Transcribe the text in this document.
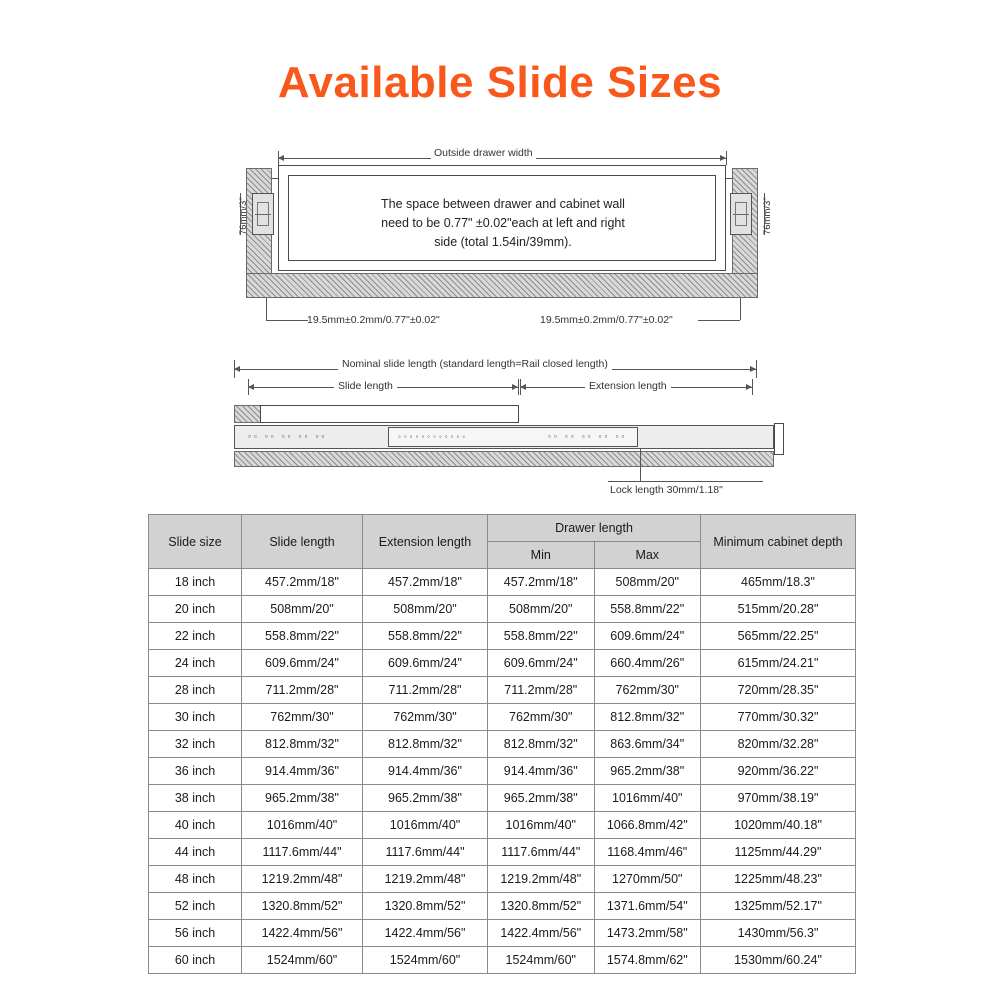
Available Slide Sizes
Outside drawer width
76mm/3"	76mm/3"
The space between drawer and cabinet wall
need to be 0.77" ±0.02"each at left and right
side (total 1.54in/39mm).
19.5mm±0.2mm/0.77"±0.02"	19.5mm±0.2mm/0.77"±0.02"
Nominal slide length (standard length=Rail closed length)
Slide length	Extension length
▫▫ ▫▫ ▫▫ ▫▫ ▫▫	◦◦◦◦◦◦◦◦◦◦◦◦	▫▫ ▫▫ ▫▫ ▫▫ ▫▫
Lock length 30mm/1.18"
Slide size	Slide length	Extension length	Drawer length		Minimum cabinet depth
			Min	Max	
18 inch	457.2mm/18"	457.2mm/18"	457.2mm/18"	508mm/20"	465mm/18.3"
20 inch	508mm/20"	508mm/20"	508mm/20"	558.8mm/22"	515mm/20.28"
22 inch	558.8mm/22"	558.8mm/22"	558.8mm/22"	609.6mm/24"	565mm/22.25"
24 inch	609.6mm/24"	609.6mm/24"	609.6mm/24"	660.4mm/26"	615mm/24.21"
28 inch	711.2mm/28"	711.2mm/28"	711.2mm/28"	762mm/30"	720mm/28.35"
30 inch	762mm/30"	762mm/30"	762mm/30"	812.8mm/32"	770mm/30.32"
32 inch	812.8mm/32"	812.8mm/32"	812.8mm/32"	863.6mm/34"	820mm/32.28"
36 inch	914.4mm/36"	914.4mm/36"	914.4mm/36"	965.2mm/38"	920mm/36.22"
38 inch	965.2mm/38"	965.2mm/38"	965.2mm/38"	1016mm/40"	970mm/38.19"
40 inch	1016mm/40"	1016mm/40"	1016mm/40"	1066.8mm/42"	1020mm/40.18"
44 inch	1117.6mm/44"	1117.6mm/44"	1117.6mm/44"	1168.4mm/46"	1125mm/44.29"
48 inch	1219.2mm/48"	1219.2mm/48"	1219.2mm/48"	1270mm/50"	1225mm/48.23"
52 inch	1320.8mm/52"	1320.8mm/52"	1320.8mm/52"	1371.6mm/54"	1325mm/52.17"
56 inch	1422.4mm/56"	1422.4mm/56"	1422.4mm/56"	1473.2mm/58"	1430mm/56.3"
60 inch	1524mm/60"	1524mm/60"	1524mm/60"	1574.8mm/62"	1530mm/60.24"
